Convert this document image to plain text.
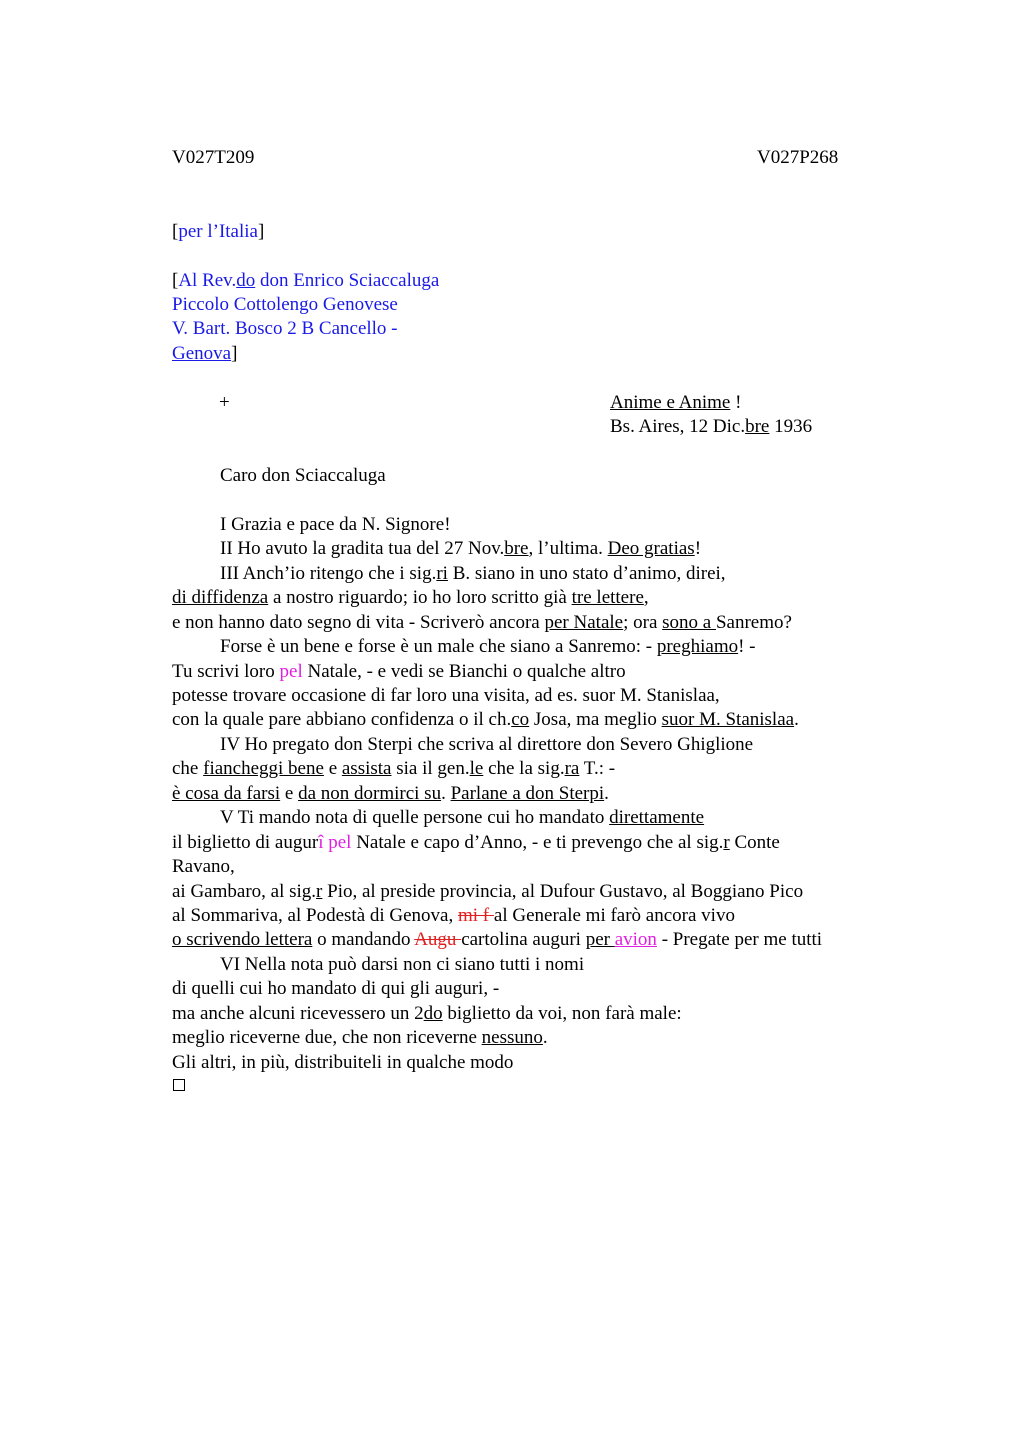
V027T209	V027P268
[per l’Italia]
[Al Rev.do don Enrico Sciaccaluga
Piccolo Cottolengo Genovese
V. Bart. Bosco 2 B Cancello -
Genova]
+	Anime e Anime !
Bs. Aires, 12 Dic.bre 1936
Caro don Sciaccaluga
I Grazia e pace da N. Signore!
II Ho avuto la gradita tua del 27 Nov.bre, l’ultima. Deo gratias!
III Anch’io ritengo che i sig.ri B. siano in uno stato d’animo, direi,
di diffidenza a nostro riguardo; io ho loro scritto già tre lettere,
e non hanno dato segno di vita - Scriverò ancora per Natale; ora sono a Sanremo?
Forse è un bene e forse è un male che siano a Sanremo: - preghiamo! -
Tu scrivi loro pel Natale, - e vedi se Bianchi o qualche altro
potesse trovare occasione di far loro una visita, ad es. suor M. Stanislaa,
con la quale pare abbiano confidenza o il ch.co Josa, ma meglio suor M. Stanislaa.
IV Ho pregato don Sterpi che scriva al direttore don Severo Ghiglione
che fiancheggi bene e assista sia il gen.le che la sig.ra T.: -
è cosa da farsi e da non dormirci su. Parlane a don Sterpi.
V Ti mando nota di quelle persone cui ho mandato direttamente
il biglietto di augurî pel Natale e capo d’Anno, - e ti prevengo che al sig.r Conte
Ravano,
ai Gambaro, al sig.r Pio, al preside provincia, al Dufour Gustavo, al Boggiano Pico
al Sommariva, al Podestà di Genova, mi f al Generale mi farò ancora vivo
o scrivendo lettera o mandando Augu cartolina auguri per avion - Pregate per me tutti
VI Nella nota può darsi non ci siano tutti i nomi
di quelli cui ho mandato di qui gli auguri, -
ma anche alcuni ricevessero un 2do biglietto da voi, non farà male:
meglio riceverne due, che non riceverne nessuno.
Gli altri, in più, distribuiteli in qualche modo
